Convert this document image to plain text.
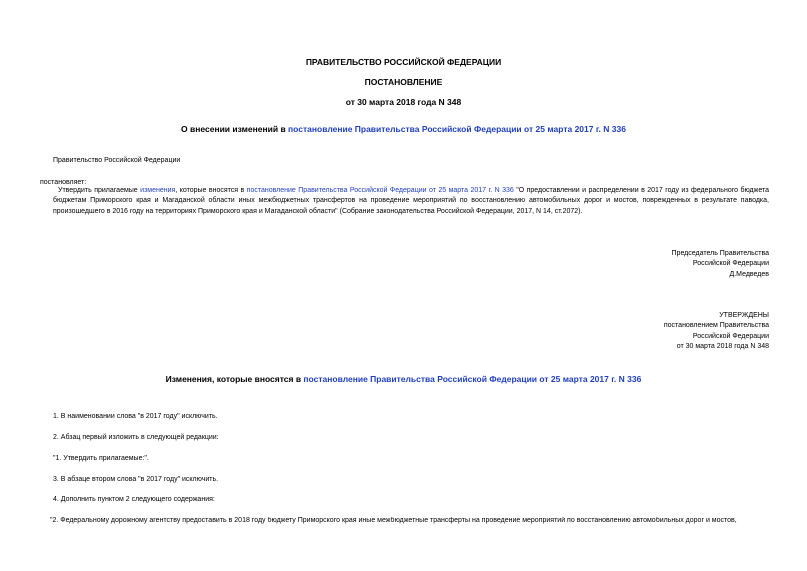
ПРАВИТЕЛЬСТВО РОССИЙСКОЙ ФЕДЕРАЦИИ
ПОСТАНОВЛЕНИЕ
от 30 марта 2018 года N 348
О внесении изменений в постановление Правительства Российской Федерации от 25 марта 2017 г. N 336
Правительство Российской Федерации
постановляет:
Утвердить прилагаемые изменения, которые вносятся в постановление Правительства Российской Федерации от 25 марта 2017 г. N 336 "О предоставлении и распределении в 2017 году из федерального бюджета бюджетам Приморского края и Магаданской области иных межбюджетных трансфертов на проведение мероприятий по восстановлению автомобильных дорог и мостов, поврежденных в результате паводка, произошедшего в 2016 году на территориях Приморского края и Магаданской области" (Собрание законодательства Российской Федерации, 2017, N 14, ст.2072).
Председатель Правительства
Российской Федерации
Д.Медведев
УТВЕРЖДЕНЫ
постановлением Правительства
Российской Федерации
от 30 марта 2018 года N 348
Изменения, которые вносятся в постановление Правительства Российской Федерации от 25 марта 2017 г. N 336
1. В наименовании слова "в 2017 году" исключить.
2. Абзац первый изложить в следующей редакции:
"1. Утвердить прилагаемые:".
3. В абзаце втором слова "в 2017 году" исключить.
4. Дополнить пунктом 2 следующего содержания:
"2. Федеральному дорожному агентству предоставить в 2018 году бюджету Приморского края иные межбюджетные трансферты на проведение мероприятий по восстановлению автомобильных дорог и мостов,
